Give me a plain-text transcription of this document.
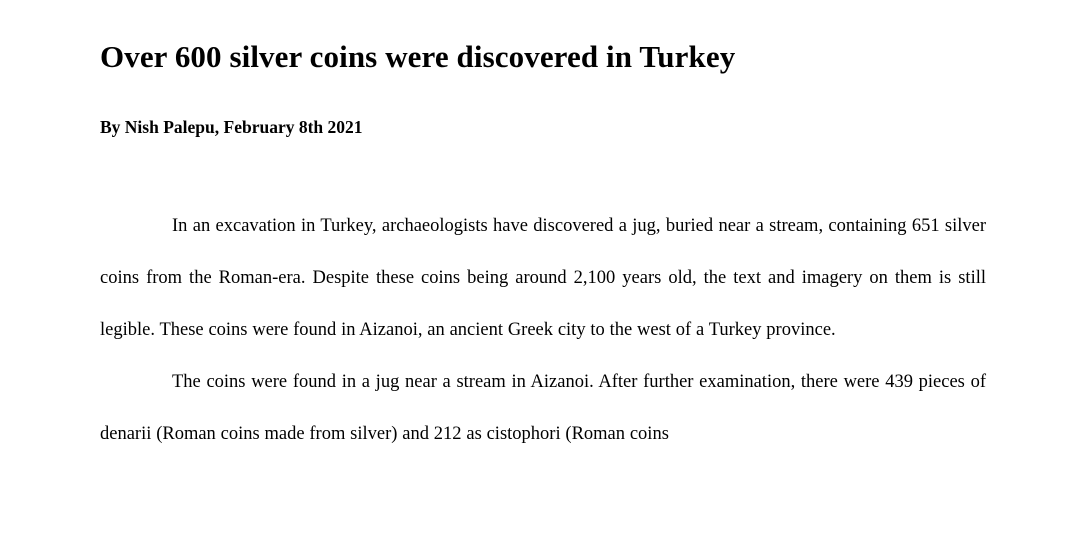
Over 600 silver coins were discovered in Turkey

By Nish Palepu, February 8th 2021

In an excavation in Turkey, archaeologists have discovered a jug, buried near a stream, containing 651 silver coins from the Roman-era. Despite these coins being around 2,100 years old, the text and imagery on them is still legible. These coins were found in Aizanoi, an ancient Greek city to the west of a Turkey province.

The coins were found in a jug near a stream in Aizanoi. After further examination, there were 439 pieces of denarii (Roman coins made from silver) and 212 as cistophori (Roman coins
